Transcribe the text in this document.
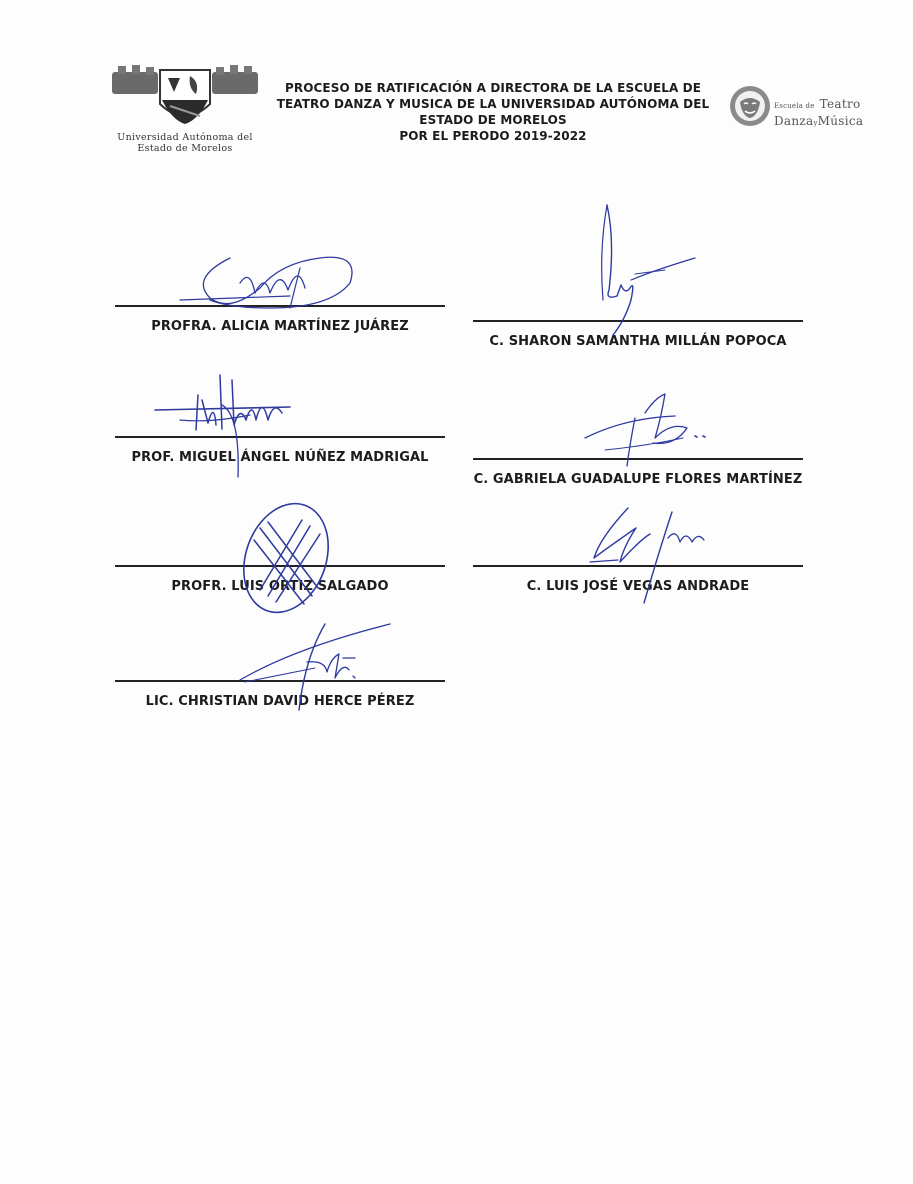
Universidad Autónoma del
Estado de Morelos
PROCESO DE RATIFICACIÓN A DIRECTORA DE LA ESCUELA DE
TEATRO DANZA Y MUSICA DE LA UNIVERSIDAD AUTÓNOMA DEL
ESTADO DE MORELOS
POR EL PERODO 2019-2022
Escuela de Teatro
DanzayMúsica
PROFRA. ALICIA MARTÍNEZ JUÁREZ
C. SHARON SAMANTHA MILLÁN POPOCA
PROF. MIGUEL ÁNGEL NÚÑEZ MADRIGAL
C. GABRIELA GUADALUPE FLORES MARTÍNEZ
PROFR. LUIS ORTIZ SALGADO	C. LUIS JOSÉ VEGAS ANDRADE
LIC. CHRISTIAN DAVID HERCE PÉREZ
